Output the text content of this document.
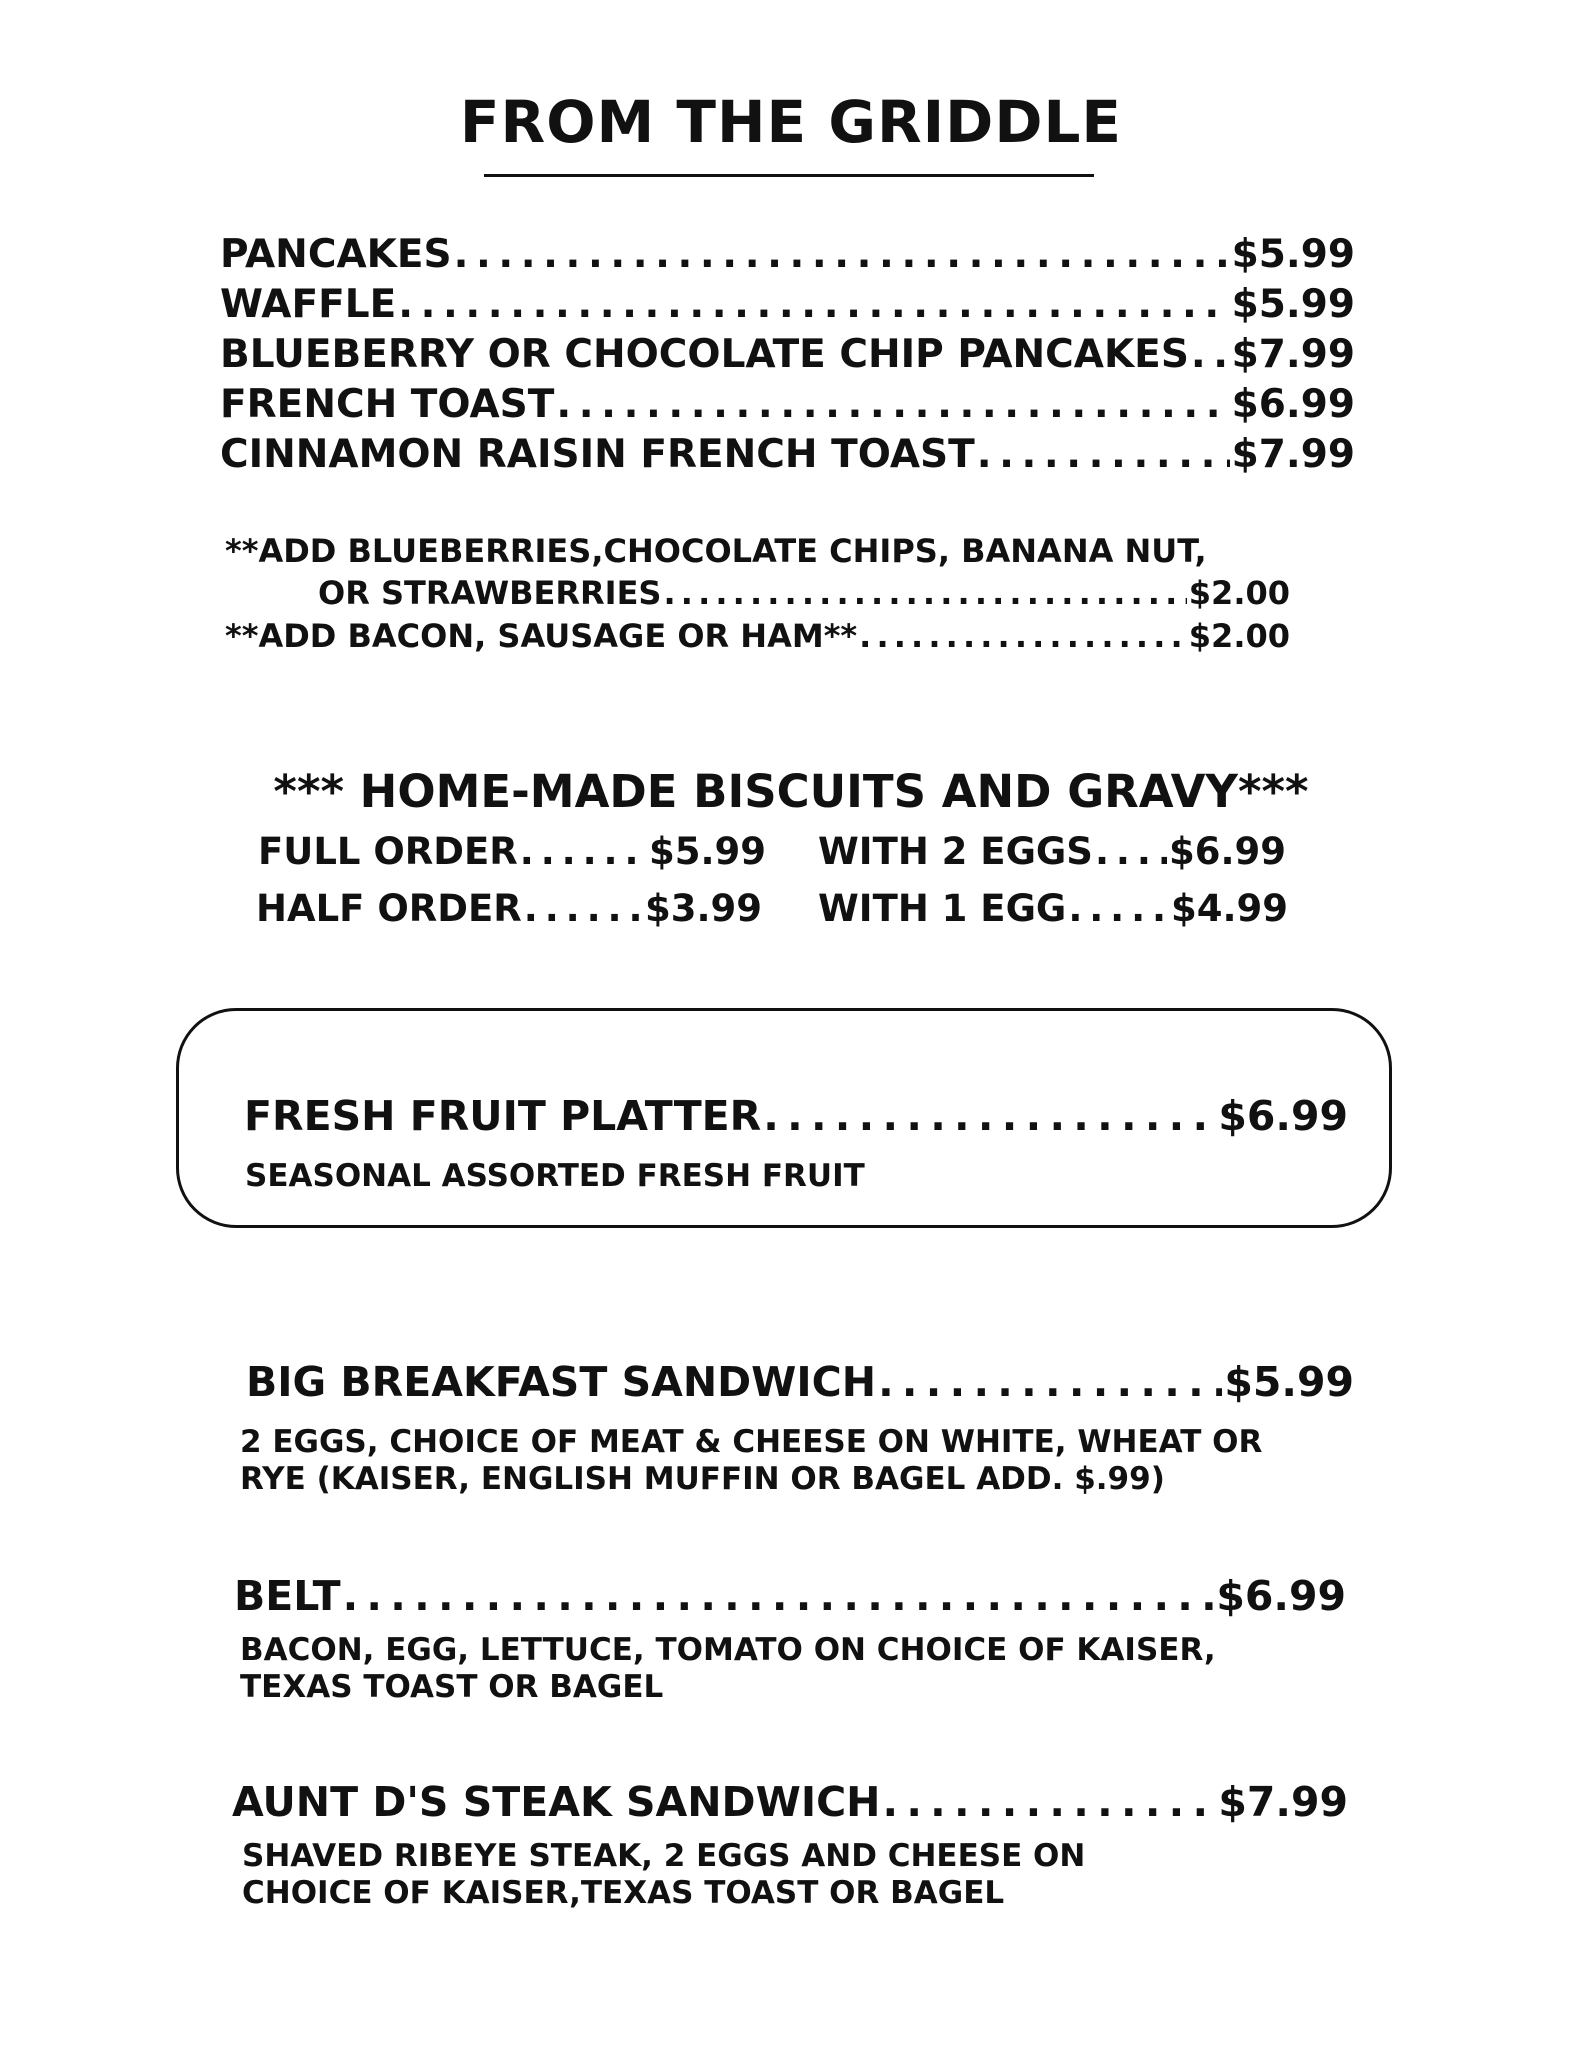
FROM THE GRIDDLE
PANCAKES . . .	$5.99
WAFFLE . . .	$5.99
BLUEBERRY OR CHOCOLATE CHIP PANCAKES . . . $7.99
FRENCH TOAST . . .	$6.99
CINNAMON RAISIN FRENCH TOAST . . .	$7.99
**ADD BLUEBERRIES,CHOCOLATE CHIPS, BANANA NUT,
OR STRAWBERRIES . . .	$2.00
**ADD BACON, SAUSAGE OR HAM** . . .	$2.00
*** HOME-MADE BISCUITS AND GRAVY***
FULL ORDER . . .	$5.99 WITH 2 EGGS . . . $6.99
HALF ORDER . . .	$3.99 WITH 1 EGG . . .	$4.99
FRESH FRUIT PLATTER . . .	$6.99
SEASONAL ASSORTED FRESH FRUIT
BIG BREAKFAST SANDWICH . . .	$5.99
2 EGGS, CHOICE OF MEAT & CHEESE ON WHITE, WHEAT OR
RYE (KAISER, ENGLISH MUFFIN OR BAGEL ADD. $.99)
BELT . . .	$6.99
BACON, EGG, LETTUCE, TOMATO ON CHOICE OF KAISER,
TEXAS TOAST OR BAGEL
AUNT D'S STEAK SANDWICH . . .	$7.99
SHAVED RIBEYE STEAK, 2 EGGS AND CHEESE ON
CHOICE OF KAISER,TEXAS TOAST OR BAGEL
